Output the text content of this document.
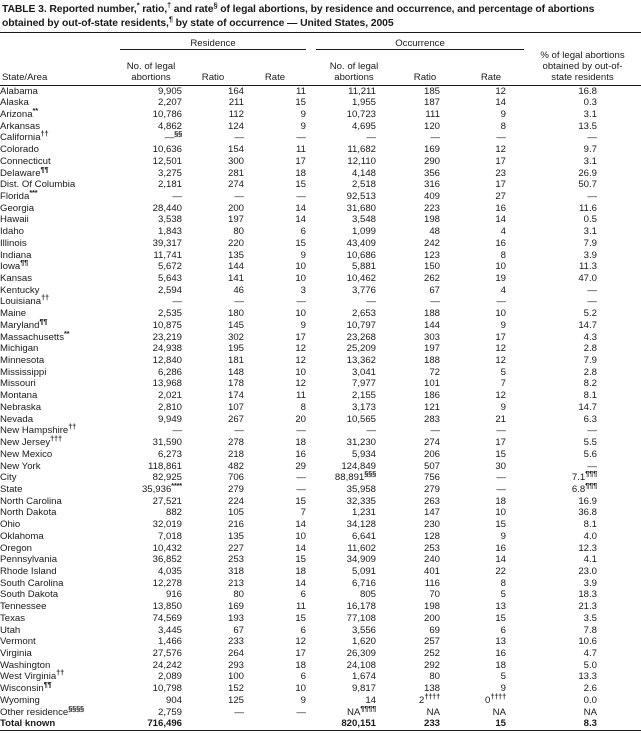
TABLE 3. Reported number,* ratio,† and rate§ of legal abortions, by residence and occurrence, and percentage of abortions obtained by out-of-state residents,¶ by state of occurrence — United States, 2005

	Residence				Occurrence			
State/Area	No. of legal
abortions	Ratio	Rate		No. of legal
abortions	Ratio	Rate	% of legal abortions
obtained by out-of-
state residents

Alabama	9,905	164	11		11,211	185	12	16.8
Alaska	2,207	211	15		1,955	187	14	0.3
Arizona**	10,786	112	9		10,723	111	9	3.1
Arkansas	4,862	124	9		4,695	120	8	13.5
California††	—§§	—	—		—	—	—	—
Colorado	10,636	154	11		11,682	169	12	9.7
Connecticut	12,501	300	17		12,110	290	17	3.1
Delaware¶¶	3,275	281	18		4,148	356	23	26.9
Dist. Of Columbia	2,181	274	15		2,518	316	17	50.7
Florida***	—	—	—		92,513	409	27	—
Georgia	28,440	200	14		31,680	223	16	11.6
Hawaii	3,538	197	14		3,548	198	14	0.5
Idaho	1,843	80	6		1,099	48	4	3.1
Illinois	39,317	220	15		43,409	242	16	7.9
Indiana	11,741	135	9		10,686	123	8	3.9
Iowa¶¶	5,672	144	10		5,881	150	10	11.3
Kansas	5,643	141	10		10,462	262	19	47.0
Kentucky	2,594	46	3		3,776	67	4	—
Louisiana††	—	—	—		—	—	—	—
Maine	2,535	180	10		2,653	188	10	5.2
Maryland¶¶	10,875	145	9		10,797	144	9	14.7
Massachusetts**	23,219	302	17		23,268	303	17	4.3
Michigan	24,938	195	12		25,209	197	12	2.8
Minnesota	12,840	181	12		13,362	188	12	7.9
Mississippi	6,286	148	10		3,041	72	5	2.8
Missouri	13,968	178	12		7,977	101	7	8.2
Montana	2,021	174	11		2,155	186	12	8.1
Nebraska	2,810	107	8		3,173	121	9	14.7
Nevada	9,949	267	20		10,565	283	21	6.3
New Hampshire††	—	—	—		—	—	—	—
New Jersey†††	31,590	278	18		31,230	274	17	5.5
New Mexico	6,273	218	16		5,934	206	15	5.6
New York	118,861	482	29		124,849	507	30	—
City	82,925	706	—		88,891§§§	756	—	7.1¶¶¶
State	35,936****	279	—		35,958	279	—	6.8¶¶¶
North Carolina	27,521	224	15		32,335	263	18	16.9
North Dakota	882	105	7		1,231	147	10	36.8
Ohio	32,019	216	14		34,128	230	15	8.1
Oklahoma	7,018	135	10		6,641	128	9	4.0
Oregon	10,432	227	14		11,602	253	16	12.3
Pennsylvania	36,852	253	15		34,909	240	14	4.1
Rhode Island	4,035	318	18		5,091	401	22	23.0
South Carolina	12,278	213	14		6,716	116	8	3.9
South Dakota	916	80	6		805	70	5	18.3
Tennessee	13,850	169	11		16,178	198	13	21.3
Texas	74,569	193	15		77,108	200	15	3.5
Utah	3,445	67	6		3,556	69	6	7.8
Vermont	1,466	233	12		1,620	257	13	10.6
Virginia	27,576	264	17		26,309	252	16	4.7
Washington	24,242	293	18		24,108	292	18	5.0
West Virginia††	2,089	100	6		1,674	80	5	13.3
Wisconsin¶¶	10,798	152	10		9,817	138	9	2.6
Wyoming	904	125	9		14	2††††	0††††	0.0
Other residence§§§§	2,759	—	—		NA¶¶¶¶	NA	NA	NA
Total known	716,496				820,151	233	15	8.3
